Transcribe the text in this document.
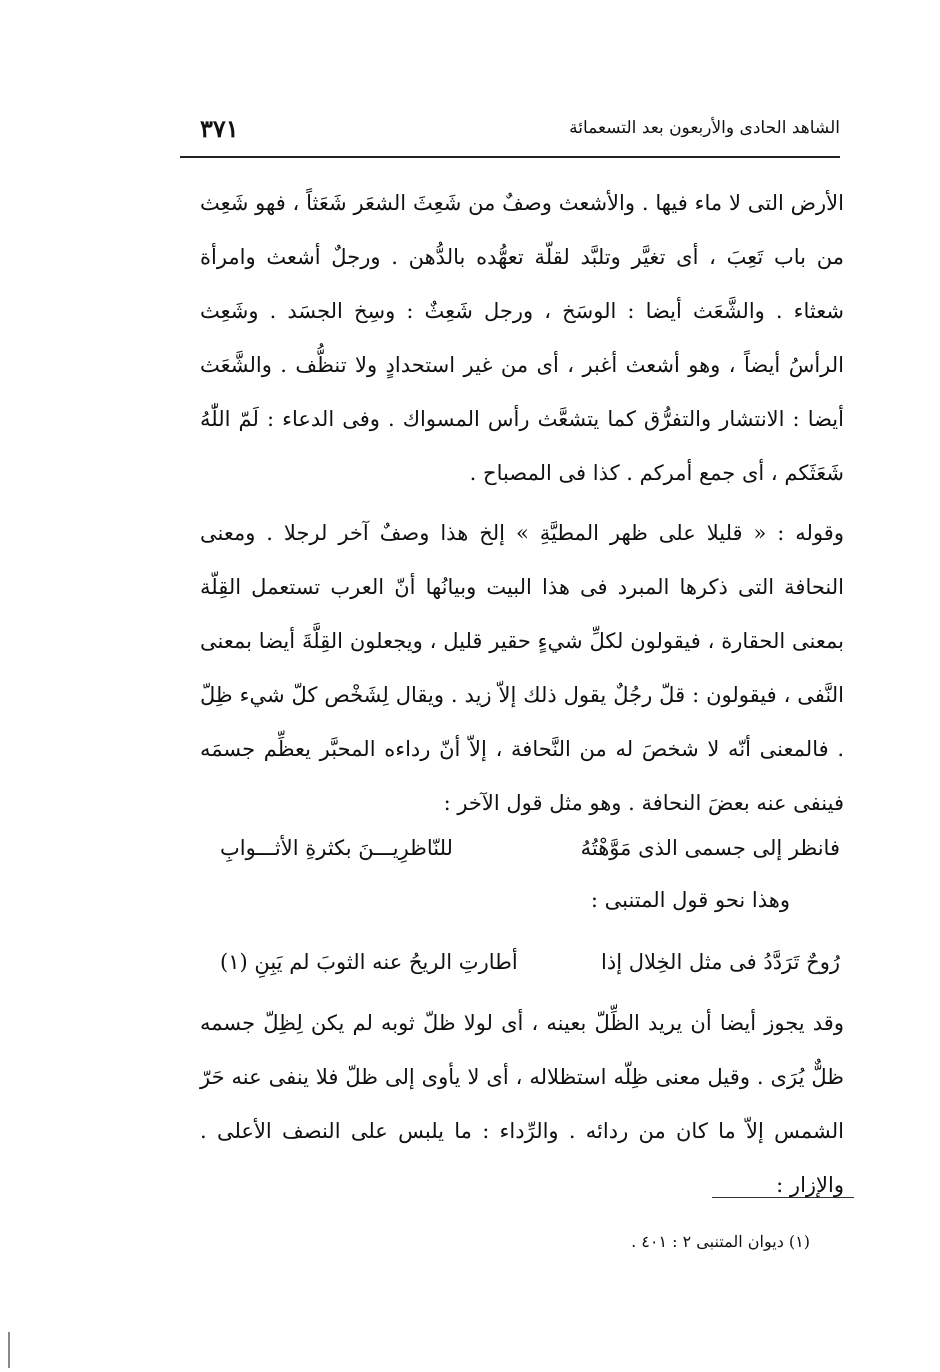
الشاهد الحادى والأربعون بعد التسعمائة
٣٧١

الأرض التى لا ماء فيها . والأشعث وصفٌ من شَعِثَ الشعَر شَعَثاً ، فهو شَعِث من باب تَعِبَ ، أى تغيَّر وتلبَّد لقلّة تعهُّده بالدُّهن . ورجلٌ أشعث وامرأة شعثاء . والشَّعَث أيضا : الوسَخ ، ورجل شَعِثٌ : وسِخ الجسَد . وشَعِث الرأسُ أيضاً ، وهو أشعث أغبر ، أى من غير استحدادٍ ولا تنظُّف . والشَّعَث أيضا : الانتشار والتفرُّق كما يتشعَّث رأس المسواك . وفى الدعاء : لَمّ اللّٰهُ شَعَثَكم ، أى جمع أمركم . كذا فى المصباح .

وقوله : « قليلا على ظهر المطيَّةِ » إلخ هذا وصفٌ آخر لرجلا . ومعنى النحافة التى ذكرها المبرد فى هذا البيت وبيانُها أنّ العرب تستعمل القِلّة بمعنى الحقارة ، فيقولون لكلِّ شيءٍ حقير قليل ، ويجعلون القِلَّةَ أيضا بمعنى النَّفى ، فيقولون : قلّ رجُلٌ يقول ذلك إلاّ زيد . ويقال لِشَخْص كلّ شيء ظِلّ . فالمعنى أنّه لا شخصَ له من النَّحافة ، إلاّ أنّ رداءه المحبَّر يعظِّم جسمَه فينفى عنه بعضَ النحافة . وهو مثل قول الآخر :

فانظر إلى جسمى الذى مَوَّهْتُهُ
للنّاظرِيـــنَ بكثرةِ الأثـــوابِ
وهذا نحو قول المتنبى :
رُوحٌ تَرَدَّدُ فى مثل الخِلال إذا
أطارتِ الريحُ عنه الثوبَ لم يَبِنِ (١)

وقد يجوز أيضا أن يريد الظِّلّ بعينه ، أى لولا ظلّ ثوبه لم يكن لِظِلّ جسمه ظلٌّ يُرَى . وقيل معنى ظِلّه استظلاله ، أى لا يأوى إلى ظلّ فلا ينفى عنه حَرّ الشمس إلاّ ما كان من ردائه . والرِّداء : ما يلبس على النصف الأعلى . والإزار :

(١) ديوان المتنبى ٢ : ٤٠١ .
